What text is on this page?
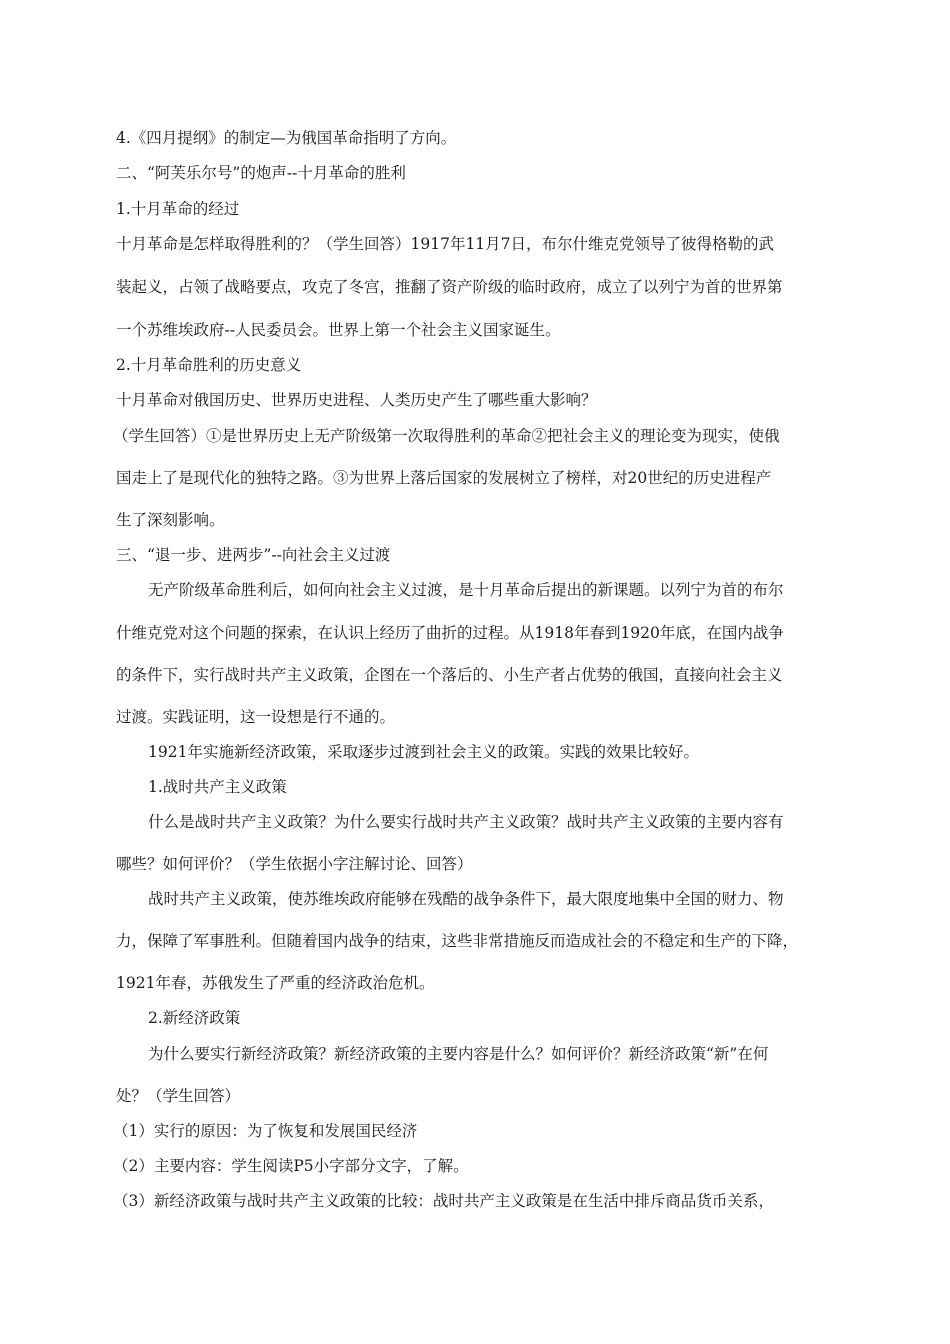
4.《四月提纲》的制定—为俄国革命指明了方向。

二、“阿芙乐尔号”的炮声--十月革命的胜利

1.十月革命的经过

十月革命是怎样取得胜利的？（学生回答）1917年11月7日，布尔什维克党领导了彼得格勒的武

装起义，占领了战略要点，攻克了冬宫，推翻了资产阶级的临时政府，成立了以列宁为首的世界第

一个苏维埃政府--人民委员会。世界上第一个社会主义国家诞生。

2.十月革命胜利的历史意义

十月革命对俄国历史、世界历史进程、人类历史产生了哪些重大影响？

（学生回答）①是世界历史上无产阶级第一次取得胜利的革命②把社会主义的理论变为现实，使俄

国走上了是现代化的独特之路。③为世界上落后国家的发展树立了榜样，对20世纪的历史进程产

生了深刻影响。

三、“退一步、进两步”--向社会主义过渡

无产阶级革命胜利后，如何向社会主义过渡，是十月革命后提出的新课题。以列宁为首的布尔

什维克党对这个问题的探索，在认识上经历了曲折的过程。从1918年春到1920年底，在国内战争

的条件下，实行战时共产主义政策，企图在一个落后的、小生产者占优势的俄国，直接向社会主义

过渡。实践证明，这一设想是行不通的。

1921年实施新经济政策，采取逐步过渡到社会主义的政策。实践的效果比较好。

1.战时共产主义政策

什么是战时共产主义政策？为什么要实行战时共产主义政策？战时共产主义政策的主要内容有

哪些？如何评价？（学生依据小字注解讨论、回答）

战时共产主义政策，使苏维埃政府能够在残酷的战争条件下，最大限度地集中全国的财力、物

力，保障了军事胜利。但随着国内战争的结束，这些非常措施反而造成社会的不稳定和生产的下降，

1921年春，苏俄发生了严重的经济政治危机。

2.新经济政策

为什么要实行新经济政策？新经济政策的主要内容是什么？如何评价？新经济政策“新”在何

处？（学生回答）

（1）实行的原因：为了恢复和发展国民经济

（2）主要内容：学生阅读P5小字部分文字，了解。

（3）新经济政策与战时共产主义政策的比较：战时共产主义政策是在生活中排斥商品货币关系，
